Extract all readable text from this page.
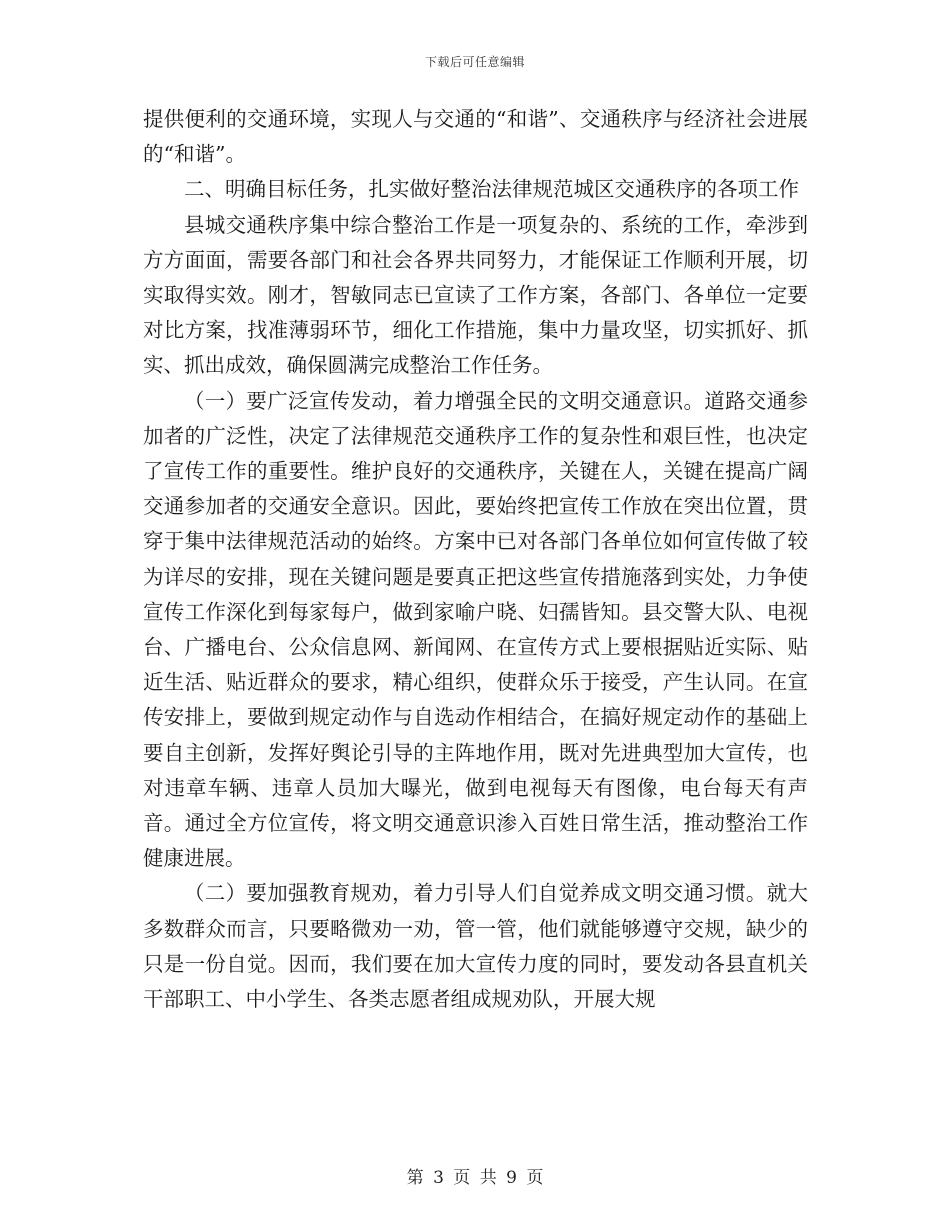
下载后可任意编辑

提供便利的交通环境，实现人与交通的“和谐”、交通秩序与经济社会进展的“和谐”。

二、明确目标任务，扎实做好整治法律规范城区交通秩序的各项工作

县城交通秩序集中综合整治工作是一项复杂的、系统的工作，牵涉到方方面面，需要各部门和社会各界共同努力，才能保证工作顺利开展，切实取得实效。刚才，智敏同志已宣读了工作方案，各部门、各单位一定要对比方案，找准薄弱环节，细化工作措施，集中力量攻坚，切实抓好、抓实、抓出成效，确保圆满完成整治工作任务。

（一）要广泛宣传发动，着力增强全民的文明交通意识。道路交通参加者的广泛性，决定了法律规范交通秩序工作的复杂性和艰巨性，也决定了宣传工作的重要性。维护良好的交通秩序，关键在人，关键在提高广阔交通参加者的交通安全意识。因此，要始终把宣传工作放在突出位置，贯穿于集中法律规范活动的始终。方案中已对各部门各单位如何宣传做了较为详尽的安排，现在关键问题是要真正把这些宣传措施落到实处，力争使宣传工作深化到每家每户，做到家喻户晓、妇孺皆知。县交警大队、电视台、广播电台、公众信息网、新闻网、在宣传方式上要根据贴近实际、贴近生活、贴近群众的要求，精心组织，使群众乐于接受，产生认同。在宣传安排上，要做到规定动作与自选动作相结合，在搞好规定动作的基础上要自主创新，发挥好舆论引导的主阵地作用，既对先进典型加大宣传，也对违章车辆、违章人员加大曝光，做到电视每天有图像，电台每天有声音。通过全方位宣传，将文明交通意识渗入百姓日常生活，推动整治工作健康进展。

（二）要加强教育规劝，着力引导人们自觉养成文明交通习惯。就大多数群众而言，只要略微劝一劝，管一管，他们就能够遵守交规，缺少的只是一份自觉。因而，我们要在加大宣传力度的同时，要发动各县直机关干部职工、中小学生、各类志愿者组成规劝队，开展大规

第 3 页 共 9 页
